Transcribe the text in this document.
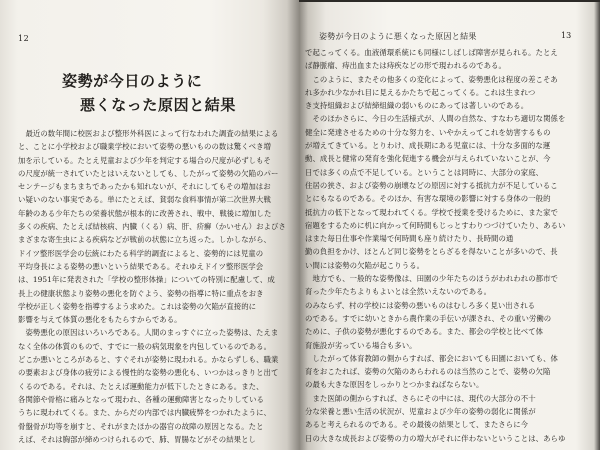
12
姿勢が今日のように
悪くなった原因と結果
　最近の数年間に校医および整形外科医によって行なわれた調査の結果による
と、ことに小学校および職業学校において姿勢の悪いものの数は驚くべき増
加を示している。たとえ児童および少年を判定する場合の尺度が必ずしもそ
の尺度が統一されていたとはいえないとしても、したがって姿勢の欠陥のパー
センテージもまちまちであったかも知れないが、それにしてもその増加はお
い疑いのない事実である。単にたとえば、貧弱な食料事情が第二次世界大戦
年齢のある少年たちの栄養状態が根本的に改善され、戦中、戦後に増加した
多くの疾病、たとえば結核病、内臓（くる）病、肝、疥癬（かいせん）およびさ
まざまな寄生虫による疾病などが戦前の状態に立ち返った。しかしながら、
ドイツ整形医学会の伝統にわたる科学的調査によると、姿勢的には児童の
平均身長による姿勢の悪いという結果である。それゆえドイツ整形医学会
は、1951年に発表された「学校の整形体操」についての特別に配慮して、成
長上の健康状態より姿勢の悪化を防ぐよう、姿勢の指導に特に重点をおき
学校が正しく姿勢を指導するよう求めた。これは姿勢の欠陥が直接的に
影響を与えて体質の悪化をもたらすからである。
　姿勢悪化の原因はいろいろである。人間のまっすぐに立った姿勢は、たえま
なく全体の体質のもので、すでに一般の病気現象を内包しているのである。
どこか悪いところがあると、すぐそれが姿勢に現われる。かならずしも、職業
の要素および身体の疲労による慢性的な姿勢の悪化も、いつかはっきりと出て
くるのである。それは、たとえば運動能力が低下したときにある。また、
各関節や骨格に痛みとなって現われ、各種の運動障害となったりしている
うちに現われてくる。また、からだの内部では内臓疲弊をつかれたように、
骨盤骨が均等を崩すと、それがまたほかの器官の故障の原因となる。たと
えば、それは胸部が締めつけられるので、肺、胃腸などがその結果とし
姿勢が今日のように悪くなった原因と結果	13
で起こってくる。血液循環系統にも同様にしばしば障害が見られる。たとえ
ば静脈瘤、痔出血または痔疾などの形で現われるのである。
　このように、またその他多くの変化によって、姿勢悪化は程度の差こそあ
れ多かれ少なかれ目に見えるかたちで起こってくる。これは生まれつ
き支持組織および結締組織の弱いものにあっては著しいのである。
　そのほかさらに、今日の生活様式が、人間の自然な、すなわち適切な関係を
健全に発達させるための十分な努力を、いやかえってこれを妨害するもの
が増えてきている。とりわけ、成長期にある児童には、十分な多面的な運
動、成長と健常の発育を強化促進する機会が与えられていないことが、今
日では多くの点で不足している。ということは同時に、大部分の家庭、
住居の狭さ、および姿勢の崩壊などの原因に対する抵抗力が不足しているこ
とにもなるのである。そのほか、有害な環境の影響に対する身体の一般的
抵抗力の低下となって現われてくる。学校で授業を受けるために、また家で
宿題をするために机に向かって何時間もじっとすわりつづけていたり、あるい
はまた毎日仕事や作業場で何時間も座り続けたり、長時間の通
勤の負担をかけ、ほとんど同じ姿勢をとらざるを得ないことが多いので、長
い間には姿勢の欠陥が起こりうる。
　地方でも、一般的な姿勢像は、田園の少年たちのほうがわれわれの都市で
育った少年たちよりもよいとは全然いえないのである。
のみならず、村の学校には姿勢の悪いものはむしろ多く見い出される
のである。すでに幼いときから農作業の手伝いが課され、その重い労働の
ために、子供の姿勢が悪化するのである。また、都会の学校と比べて体
育施設が劣っている場合も多い。
　したがって体育教師の側からすれば、都会においても田園においても、体
育をおこたれば、姿勢の欠陥のあらわれるのは当然のことで、姿勢の欠陥
の最も大きな原因をしっかりとつかまねばならない。
　また医師の側からすれば、さらにその中には、現代の大部分の不十
分な栄養と悪い生活の状況が、児童および少年の姿勢の弱化に関係が
あると考えられるのである。その最後の結果として、またさらに今
日の大きな成長および姿勢の力の増大がそれに伴わないということは、あらゆ
